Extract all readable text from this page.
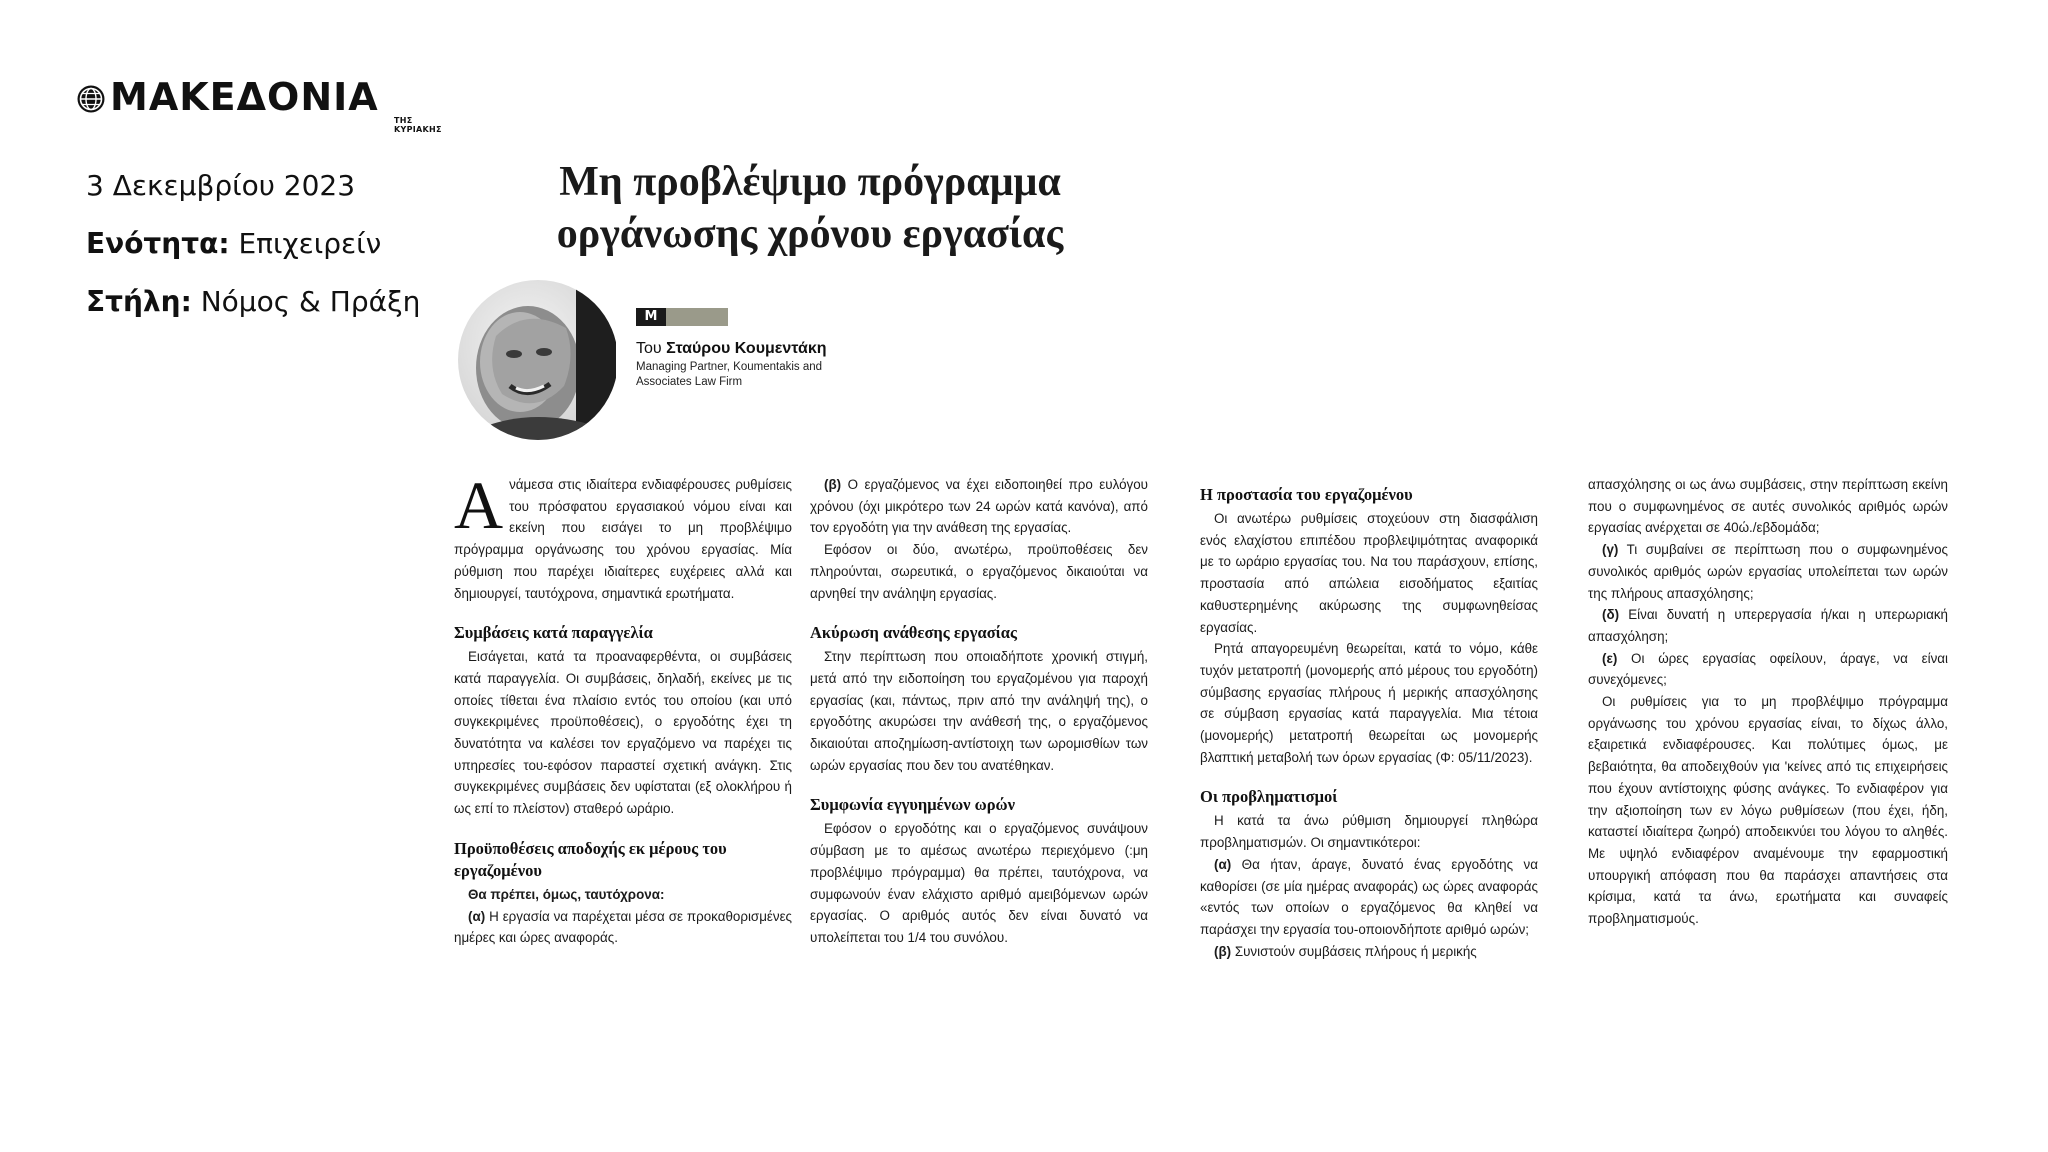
ΜΑΚΕΔΟΝΙΑ
ΤΗΣ ΚΥΡΙΑΚΗΣ
3 Δεκεμβρίου 2023
Ενότητα: Επιχειρείν
Στήλη: Νόμος & Πράξη
Μη προβλέψιμο πρόγραμμα
οργάνωσης χρόνου εργασίας
M
Του Σταύρου Κουμεντάκη
Managing Partner, Koumentakis and
Associates Law Firm

Ανάμεσα στις ιδιαίτερα ενδιαφέρουσες ρυθμίσεις του πρόσφατου εργασιακού νόμου είναι και εκείνη που εισάγει το μη προβλέψιμο πρόγραμμα οργάνωσης του χρόνου εργασίας. Μία ρύθμιση που παρέχει ιδιαίτερες ευχέρειες αλλά και δημιουργεί, ταυτόχρονα, σημαντικά ερωτήματα.

Συμβάσεις κατά παραγγελία

Εισάγεται, κατά τα προαναφερθέντα, οι συμβάσεις κατά παραγγελία. Οι συμβάσεις, δηλαδή, εκείνες με τις οποίες τίθεται ένα πλαίσιο εντός του οποίου (και υπό συγκεκριμένες προϋποθέσεις), ο εργοδότης έχει τη δυνατότητα να καλέσει τον εργαζόμενο να παρέχει τις υπηρεσίες του-εφόσον παραστεί σχετική ανάγκη. Στις συγκεκριμένες συμβάσεις δεν υφίσταται (εξ ολοκλήρου ή ως επί το πλείστον) σταθερό ωράριο.

Προϋποθέσεις αποδοχής εκ μέρους του εργαζομένου

Θα πρέπει, όμως, ταυτόχρονα:

(α) Η εργασία να παρέχεται μέσα σε προκαθορισμένες ημέρες και ώρες αναφοράς.

(β) Ο εργαζόμενος να έχει ειδοποιηθεί προ ευλόγου χρόνου (όχι μικρότερο των 24 ωρών κατά κανόνα), από τον εργοδότη για την ανάθεση της εργασίας.

Εφόσον οι δύο, ανωτέρω, προϋποθέσεις δεν πληρούνται, σωρευτικά, ο εργαζόμενος δικαιούται να αρνηθεί την ανάληψη εργασίας.

Ακύρωση ανάθεσης εργασίας

Στην περίπτωση που οποιαδήποτε χρονική στιγμή, μετά από την ειδοποίηση του εργαζομένου για παροχή εργασίας (και, πάντως, πριν από την ανάληψή της), ο εργοδότης ακυρώσει την ανάθεσή της, ο εργαζόμενος δικαιούται αποζημίωση-αντίστοιχη των ωρομισθίων των ωρών εργασίας που δεν του ανατέθηκαν.

Συμφωνία εγγυημένων ωρών

Εφόσον ο εργοδότης και ο εργαζόμενος συνάψουν σύμβαση με το αμέσως ανωτέρω περιεχόμενο (:μη προβλέψιμο πρόγραμμα) θα πρέπει, ταυτόχρονα, να συμφωνούν έναν ελάχιστο αριθμό αμειβόμενων ωρών εργασίας. Ο αριθμός αυτός δεν είναι δυνατό να υπολείπεται του 1/4 του συνόλου.

Η προστασία του εργαζομένου

Οι ανωτέρω ρυθμίσεις στοχεύουν στη διασφάλιση ενός ελαχίστου επιπέδου προβλεψιμότητας αναφορικά με το ωράριο εργασίας του. Να του παράσχουν, επίσης, προστασία από απώλεια εισοδήματος εξαιτίας καθυστερημένης ακύρωσης της συμφωνηθείσας εργασίας.

Ρητά απαγορευμένη θεωρείται, κατά το νόμο, κάθε τυχόν μετατροπή (μονομερής από μέρους του εργοδότη) σύμβασης εργασίας πλήρους ή μερικής απασχόλησης σε σύμβαση εργασίας κατά παραγγελία. Μια τέτοια (μονομερής) μετατροπή θεωρείται ως μονομερής βλαπτική μεταβολή των όρων εργασίας (Φ: 05/11/2023).

Οι προβληματισμοί

Η κατά τα άνω ρύθμιση δημιουργεί πληθώρα προβληματισμών. Οι σημαντικότεροι:

(α) Θα ήταν, άραγε, δυνατό ένας εργοδότης να καθορίσει (σε μία ημέρας αναφοράς) ως ώρες αναφοράς «εντός των οποίων ο εργαζόμενος θα κληθεί να παράσχει την εργασία του-οποιονδήποτε αριθμό ωρών;

(β) Συνιστούν συμβάσεις πλήρους ή μερικής

απασχόλησης οι ως άνω συμβάσεις, στην περίπτωση εκείνη που ο συμφωνημένος σε αυτές συνολικός αριθμός ωρών εργασίας ανέρχεται σε 40ώ./εβδομάδα;

(γ) Τι συμβαίνει σε περίπτωση που ο συμφωνημένος συνολικός αριθμός ωρών εργασίας υπολείπεται των ωρών της πλήρους απασχόλησης;

(δ) Είναι δυνατή η υπερεργασία ή/και η υπερωριακή απασχόληση;

(ε) Οι ώρες εργασίας οφείλουν, άραγε, να είναι συνεχόμενες;

Οι ρυθμίσεις για το μη προβλέψιμο πρόγραμμα οργάνωσης του χρόνου εργασίας είναι, το δίχως άλλο, εξαιρετικά ενδιαφέρουσες. Και πολύτιμες όμως, με βεβαιότητα, θα αποδειχθούν για 'κείνες από τις επιχειρήσεις που έχουν αντίστοιχης φύσης ανάγκες. Το ενδιαφέρον για την αξιοποίηση των εν λόγω ρυθμίσεων (που έχει, ήδη, καταστεί ιδιαίτερα ζωηρό) αποδεικνύει του λόγου το αληθές. Με υψηλό ενδιαφέρον αναμένουμε την εφαρμοστική υπουργική απόφαση που θα παράσχει απαντήσεις στα κρίσιμα, κατά τα άνω, ερωτήματα και συναφείς προβληματισμούς.
